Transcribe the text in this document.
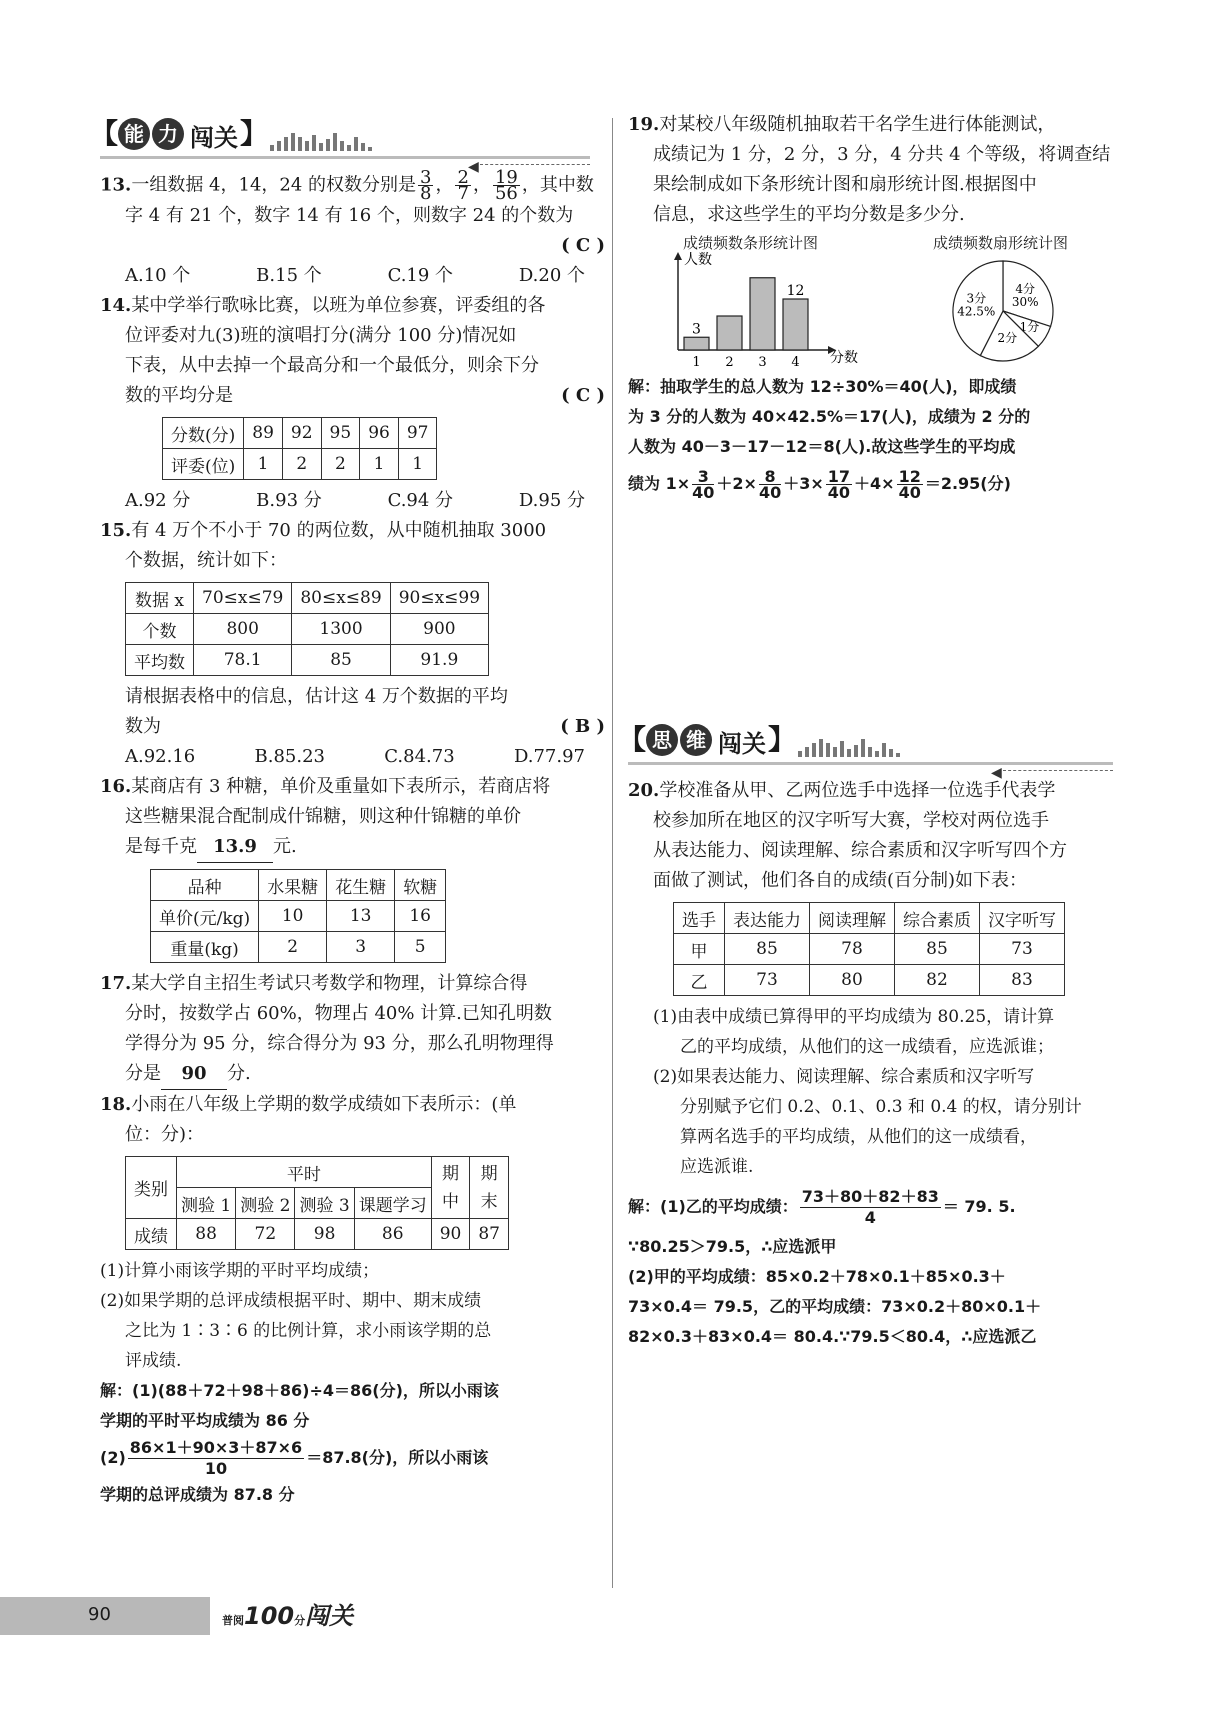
【 能 力 闯关 】
◀

13.一组数据 4，14，24 的权数分别是 $\frac{3}{8}$ ， $\frac{2}{7}$ ， $\frac{19}{56}$ ，其中数

字 4 有 21 个，数字 14 有 16 个，则数字 24 的个数为

( C )

A.10 个	B.15 个	C.19 个	D.20 个

14.某中学举行歌咏比赛，以班为单位参赛，评委组的各

位评委对九(3)班的演唱打分(满分 100 分)情况如

下表，从中去掉一个最高分和一个最低分，则余下分

数的平均分是	( C )

分数(分)	89	92	95	96	97
评委(位)	1	2	2	1	1
A.92 分	B.93 分	C.94 分	D.95 分

15.有 4 万个不小于 70 的两位数，从中随机抽取 3000

个数据，统计如下：

数据 x	70≤x≤79	80≤x≤89	90≤x≤99
个数	800	1300	900
平均数	78.1	85	91.9

请根据表格中的信息，估计这 4 万个数据的平均

数为	( B )

A.92.16	B.85.23	C.84.73	D.77.97

16.某商店有 3 种糖，单价及重量如下表所示，若商店将

这些糖果混合配制成什锦糖，则这种什锦糖的单价

是每千克 13.9 元.

品种	水果糖	花生糖	软糖
单价(元/kg)	10	13	16
重量(kg)	2	3	5

17.某大学自主招生考试只考数学和物理，计算综合得

分时，按数学占 60%，物理占 40% 计算.已知孔明数

学得分为 95 分，综合得分为 93 分，那么孔明物理得

分是 90 分.

18.小雨在八年级上学期的数学成绩如下表所示：(单

位：分)：

类别	平时				期中	期末
	测验 1	测验 2	测验 3	课题学习		
成绩	88	72	98	86	90	87

(1)计算小雨该学期的平时平均成绩；

(2)如果学期的总评成绩根据平时、期中、期末成绩

之比为 1∶3∶6 的比例计算，求小雨该学期的总

评成绩.

解：(1)(88＋72＋98＋86)÷4＝86(分)，所以小雨该

学期的平时平均成绩为 86 分

$(2) \frac{86\times 1+90\times 3+87\times 6}{10} =87.8$(分)，所以小雨该

学期的总评成绩为 87.8 分

19.对某校八年级随机抽取若干名学生进行体能测试，

成绩记为 1 分，2 分，3 分，4 分共 4 个等级，将调查结

果绘制成如下条形统计图和扇形统计图.根据图中

信息，求这些学生的平均分数是多少分.

成绩频数条形统计图	成绩频数扇形统计图
人数
分数
1
3
2 3 4
12	4分 30%
1分
2分
3分 42.5%

解：抽取学生的总人数为 12÷30%＝40(人)，即成绩

为 3 分的人数为 40×42.5%＝17(人)，成绩为 2 分的

人数为 40－3－17－12＝8(人).故这些学生的平均成

绩为 $1\times \frac{3}{40} +2\times \frac{8}{40} +3\times \frac{17}{40} +4\times \frac{12}{40} =2.95$(分)

【 思 维 闯关 】
◀

20.学校准备从甲、乙两位选手中选择一位选手代表学

校参加所在地区的汉字听写大赛，学校对两位选手

从表达能力、阅读理解、综合素质和汉字听写四个方

面做了测试，他们各自的成绩(百分制)如下表：

选手	表达能力	阅读理解	综合素质	汉字听写
甲	85	78	85	73
乙	73	80	82	83

(1)由表中成绩已算得甲的平均成绩为 80.25，请计算

乙的平均成绩，从他们的这一成绩看，应选派谁；

(2)如果表达能力、阅读理解、综合素质和汉字听写

分别赋予它们 0.2、0.1、0.3 和 0.4 的权，请分别计

算两名选手的平均成绩，从他们的这一成绩看，

应选派谁.

解：(1)乙的平均成绩： $\frac{73+80+82+83}{4} = 79$. 5.

∵80.25＞79.5，∴应选派甲

(2)甲的平均成绩：85×0.2＋78×0.1＋85×0.3＋

73×0.4＝ 79.5，乙的平均成绩：73×0.2＋80×0.1＋

82×0.3＋83×0.4＝ 80.4.∵79.5＜80.4，∴应选派乙

90	普阅100分闯关
